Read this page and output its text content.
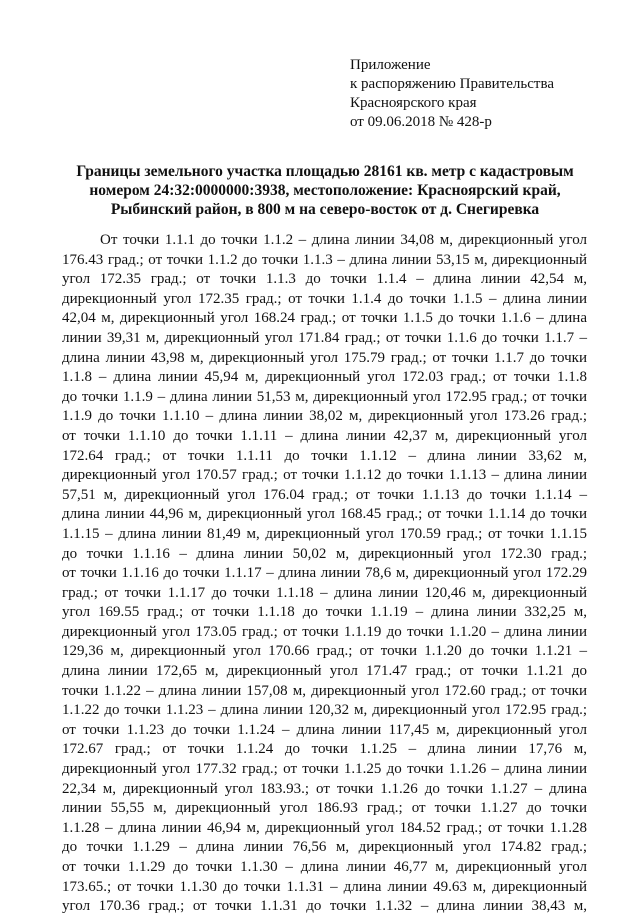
Приложение
к распоряжению Правительства
Красноярского края
от 09.06.2018 № 428-р
Границы земельного участка площадью 28161 кв. метр с кадастровым
номером 24:32:0000000:3938, местоположение: Красноярский край,
Рыбинский район, в 800 м на северо-восток от д. Снегиревка
От точки 1.1.1 до точки 1.1.2 – длина линии 34,08 м, дирекционный угол
176.43 град.; от точки 1.1.2 до точки 1.1.3 – длина линии 53,15 м, дирекционный
угол 172.35 град.; от точки 1.1.3 до точки 1.1.4 – длина линии 42,54 м,
дирекционный угол 172.35 град.; от точки 1.1.4 до точки 1.1.5 – длина линии
42,04 м, дирекционный угол 168.24 град.; от точки 1.1.5 до точки 1.1.6 – длина
линии 39,31 м, дирекционный угол 171.84 град.; от точки 1.1.6 до точки 1.1.7 –
длина линии 43,98 м, дирекционный угол 175.79 град.; от точки 1.1.7 до точки
1.1.8 – длина линии 45,94 м, дирекционный угол 172.03 град.; от точки 1.1.8
до точки 1.1.9 – длина линии 51,53 м, дирекционный угол 172.95 град.; от точки
1.1.9 до точки 1.1.10 – длина линии 38,02 м, дирекционный угол 173.26 град.;
от точки 1.1.10 до точки 1.1.11 – длина линии 42,37 м, дирекционный угол
172.64 град.; от точки 1.1.11 до точки 1.1.12 – длина линии 33,62 м,
дирекционный угол 170.57 град.; от точки 1.1.12 до точки 1.1.13 – длина линии
57,51 м, дирекционный угол 176.04 град.; от точки 1.1.13 до точки 1.1.14 –
длина линии 44,96 м, дирекционный угол 168.45 град.; от точки 1.1.14 до точки
1.1.15 – длина линии 81,49 м, дирекционный угол 170.59 град.; от точки 1.1.15
до точки 1.1.16 – длина линии 50,02 м, дирекционный угол 172.30 град.;
от точки 1.1.16 до точки 1.1.17 – длина линии 78,6 м, дирекционный угол 172.29
град.; от точки 1.1.17 до точки 1.1.18 – длина линии 120,46 м, дирекционный
угол 169.55 град.; от точки 1.1.18 до точки 1.1.19 – длина линии 332,25 м,
дирекционный угол 173.05 град.; от точки 1.1.19 до точки 1.1.20 – длина линии
129,36 м, дирекционный угол 170.66 град.; от точки 1.1.20 до точки 1.1.21 –
длина линии 172,65 м, дирекционный угол 171.47 град.; от точки 1.1.21 до
точки 1.1.22 – длина линии 157,08 м, дирекционный угол 172.60 град.; от точки
1.1.22 до точки 1.1.23 – длина линии 120,32 м, дирекционный угол 172.95 град.;
от точки 1.1.23 до точки 1.1.24 – длина линии 117,45 м, дирекционный угол
172.67 град.; от точки 1.1.24 до точки 1.1.25 – длина линии 17,76 м,
дирекционный угол 177.32 град.; от точки 1.1.25 до точки 1.1.26 – длина линии
22,34 м, дирекционный угол 183.93.; от точки 1.1.26 до точки 1.1.27 – длина
линии 55,55 м, дирекционный угол 186.93 град.; от точки 1.1.27 до точки
1.1.28 – длина линии 46,94 м, дирекционный угол 184.52 град.; от точки 1.1.28
до точки 1.1.29 – длина линии 76,56 м, дирекционный угол 174.82 град.;
от точки 1.1.29 до точки 1.1.30 – длина линии 46,77 м, дирекционный угол
173.65.; от точки 1.1.30 до точки 1.1.31 – длина линии 49.63 м, дирекционный
угол 170.36 град.; от точки 1.1.31 до точки 1.1.32 – длина линии 38,43 м,
